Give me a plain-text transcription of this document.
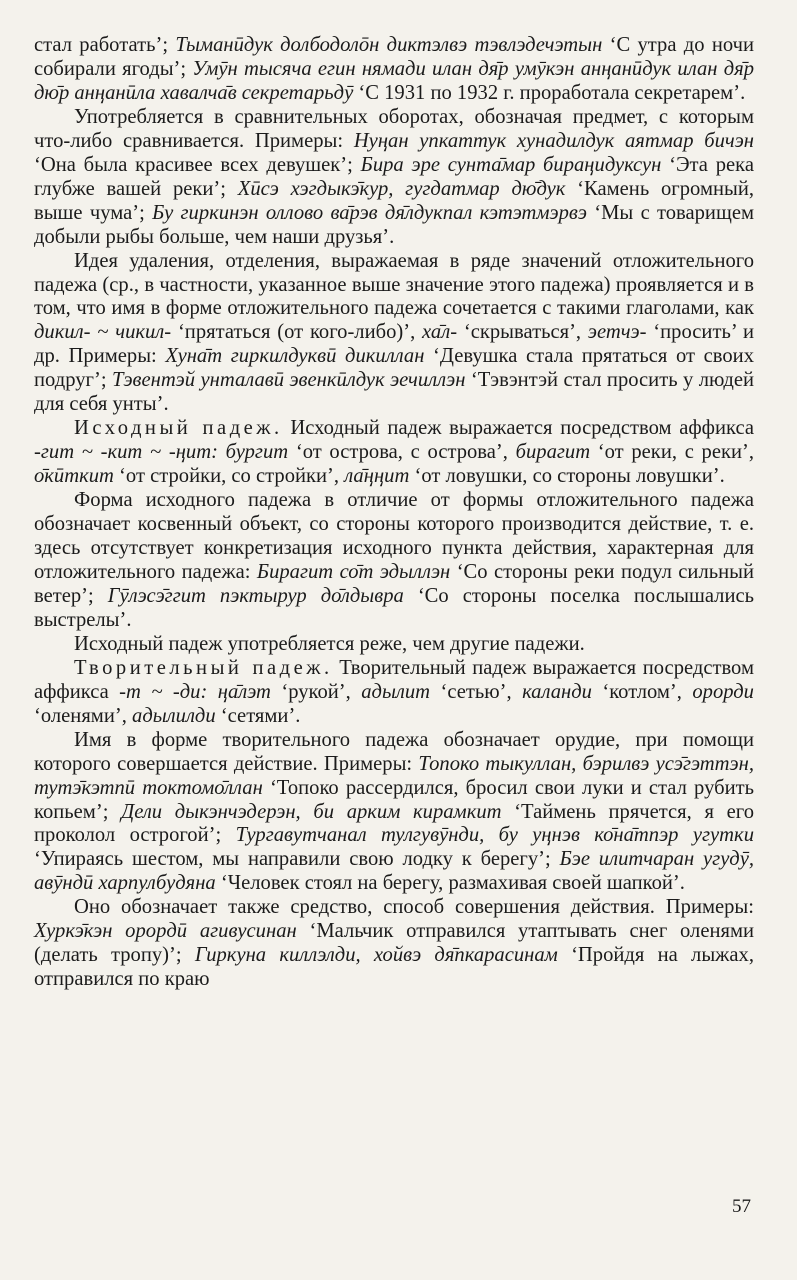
стал работать’; Тыманӣдук долбодолōн диктэлвэ тэвлэдечэтын ‘С утра до ночи собирали ягоды’; Умӯн тысяча егин нямади илан дя̄р умӯкэн анңанӣдук илан дя̄р дю̄р анңанӣла хавалча̄в секретарьдӯ ‘С 1931 по 1932 г. проработала секретарем’.

Употребляется в сравнительных оборотах, обозначая предмет, с которым что-либо сравнивается. Примеры: Нуңан упкаттук хунадилдук аятмар бичэн ‘Она была красивее всех девушек’; Бира эре сунта̄мар бираңидуксун ‘Эта река глубже вашей реки’; Хӣсэ хэгдыкэ̄кур, гугдатмар дю̄дук ‘Камень огромный, выше чума’; Бу гиркинэн оллово ва̄рэв дя̄лдукпал кэтэтмэрвэ ‘Мы с товарищем добыли рыбы больше, чем наши друзья’.

Идея удаления, отделения, выражаемая в ряде значений отложительного падежа (ср., в частности, указанное выше значение этого падежа) проявляется и в том, что имя в форме отложительного падежа сочетается с такими глаголами, как дикил- ~ чикил- ‘прятаться (от кого-либо)’, ха̄л- ‘скрываться’, эетчэ- ‘просить’ и др. Примеры: Хуна̄т гиркилдуквӣ дикиллан ‘Девушка стала прятаться от своих подруг’; Тэвентэй унталавӣ эвенкӣлдук эечиллэн ‘Тэвэнтэй стал просить у людей для себя унты’.

Исходный падеж. Исходный падеж выражается посредством аффикса -гит ~ -кит ~ -ңит: бургит ‘от острова, с острова’, бирагит ‘от реки, с реки’, о̄кӣткит ‘от стройки, со стройки’, ла̄ңңит ‘от ловушки, со стороны ловушки’.

Форма исходного падежа в отличие от формы отложительного падежа обозначает косвенный объект, со стороны которого производится действие, т. е. здесь отсутствует конкретизация исходного пункта действия, характерная для отложительного падежа: Бирагит со̄т эдыллэн ‘Со стороны реки подул сильный ветер’; Гӯлэсэ̄ггит пэктырур до̄лдывра ‘Со стороны поселка послышались выстрелы’.

Исходный падеж употребляется реже, чем другие падежи.

Творительный падеж. Творительный падеж выражается посредством аффикса -т ~ -ди: ңа̄лэт ‘рукой’, адылит ‘сетью’, каланди ‘котлом’, орорди ‘оленями’, адылилди ‘сетями’.

Имя в форме творительного падежа обозначает орудие, при помощи которого совершается действие. Примеры: Топоко тыкуллан, бэрилвэ усэ̄гэттэн, тутэ̄кэтпӣ токтомо̄ллан ‘Топоко рассердился, бросил свои луки и стал рубить копьем’; Дели дыкэнчэдерэн, би арким кирамкит ‘Таймень прячется, я его проколол острогой’; Тургавутчанал тулгувӯнди, бу уңнэв ко̄на̄тпэр угутки ‘Упираясь шестом, мы направили свою лодку к берегу’; Бэе илитчаран угудӯ, авӯндӣ харпулбудяна ‘Человек стоял на берегу, размахивая своей шапкой’.

Оно обозначает также средство, способ совершения действия. Примеры: Хуркэ̄кэн ороpдӣ агивусинан ‘Мальчик отправился утаптывать снег оленями (делать тропу)’; Гиркуна киллэлди, хойвэ дя̄пкарасинам ‘Пройдя на лыжах, отправился по краю

57
